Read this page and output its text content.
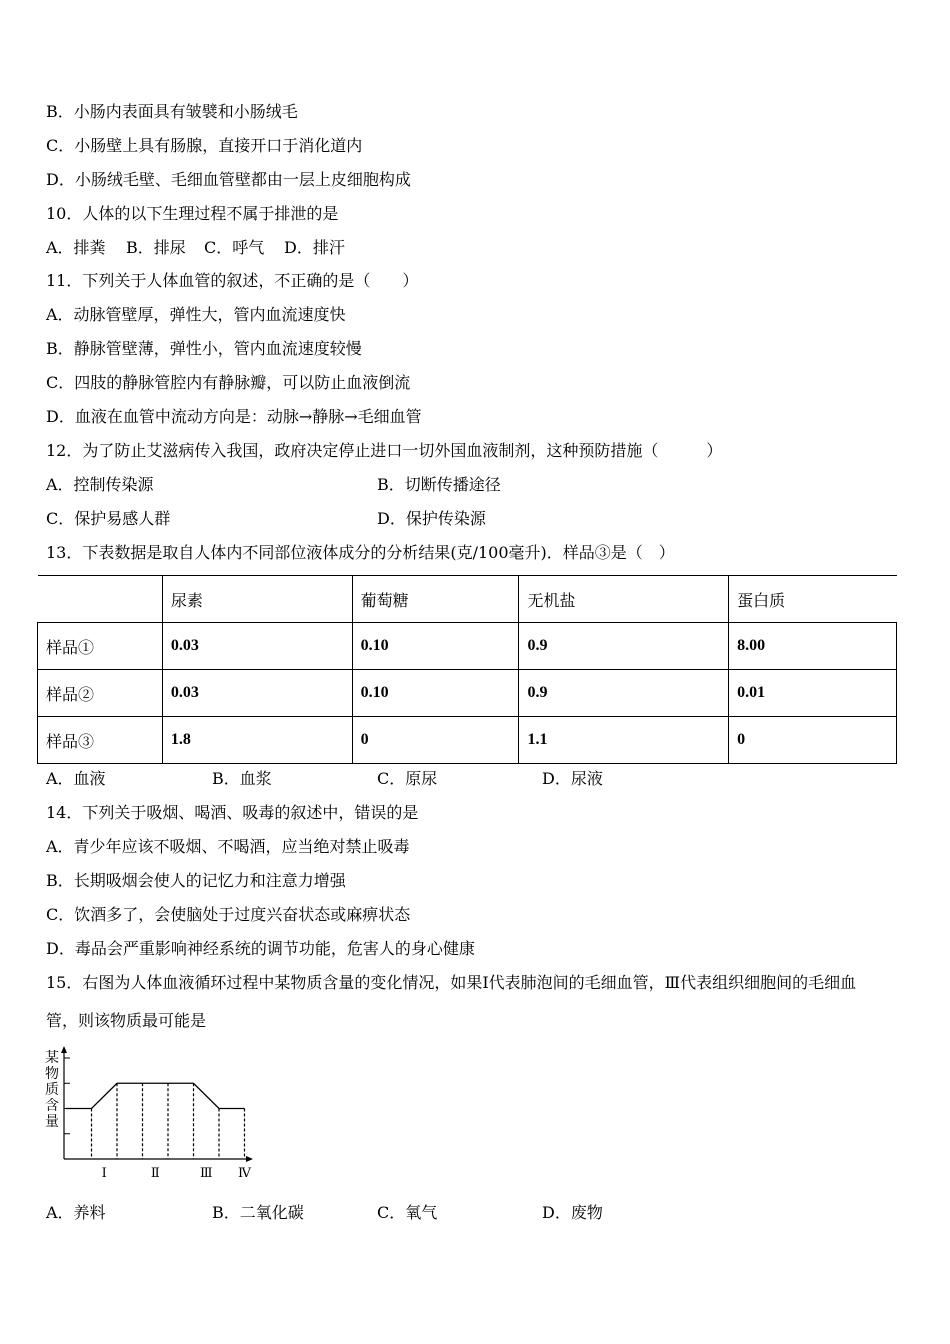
B．小肠内表面具有皱襞和小肠绒毛
C．小肠壁上具有肠腺，直接开口于消化道内
D．小肠绒毛壁、毛细血管壁都由一层上皮细胞构成
10．人体的以下生理过程不属于排泄的是
A．排粪 B．排尿 C．呼气 D．排汗
11．下列关于人体血管的叙述，不正确的是（　　）
A．动脉管壁厚，弹性大，管内血流速度快
B．静脉管壁薄，弹性小，管内血流速度较慢
C．四肢的静脉管腔内有静脉瓣，可以防止血液倒流
D．血液在血管中流动方向是：动脉→静脉→毛细血管
12．为了防止艾滋病传入我国，政府决定停止进口一切外国血液制剂，这种预防措施（　　　）
A．控制传染源	B．切断传播途径
C．保护易感人群	D．保护传染源
13．下表数据是取自人体内不同部位液体成分的分析结果(克/100毫升)．样品③是（　）
	尿素	葡萄糖	无机盐	蛋白质
样品①	0.03	0.10	0.9	8.00
样品②	0.03	0.10	0.9	0.01
样品③	1.8	0	1.1	0
A．血液	B．血浆	C．原尿	D．尿液
14．下列关于吸烟、喝酒、吸毒的叙述中，错误的是
A．青少年应该不吸烟、不喝酒，应当绝对禁止吸毒
B．长期吸烟会使人的记忆力和注意力增强
C．饮酒多了，会使脑处于过度兴奋状态或麻痹状态
D．毒品会严重影响神经系统的调节功能，危害人的身心健康
15．右图为人体血液循环过程中某物质含量的变化情况，如果Ⅰ代表肺泡间的毛细血管，Ⅲ代表组织细胞间的毛细血
管，则该物质最可能是
某
物
质
含
量
Ⅰ	Ⅱ	Ⅲ Ⅳ
A．养料	B．二氧化碳	C．氧气	D．废物
